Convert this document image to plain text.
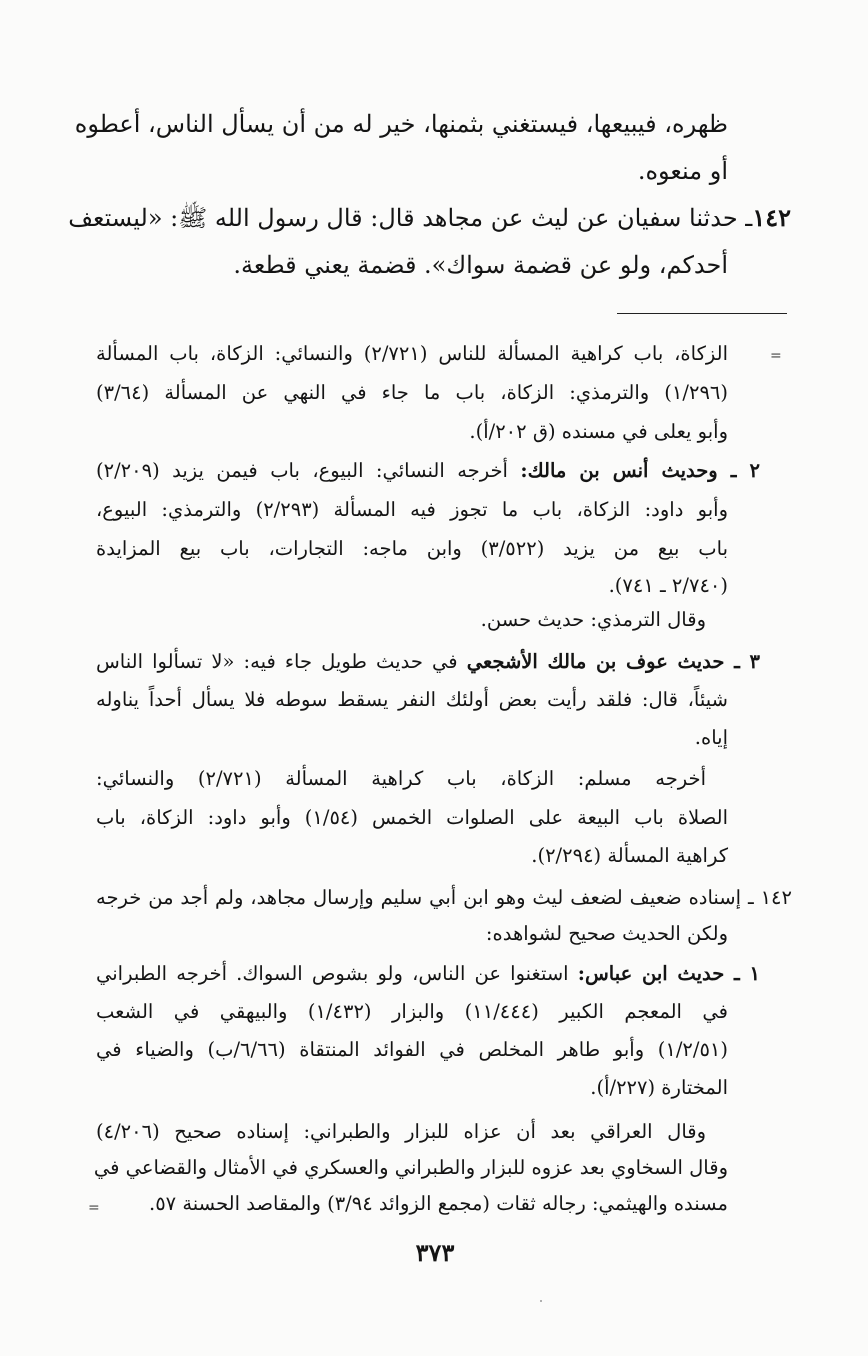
ظهره، فيبيعها، فيستغني بثمنها، خير له من أن يسأل الناس، أعطوه
أو منعوه.
١٤٢ـ حدثنا سفيان عن ليث عن مجاهد قال: قال رسول الله ﷺ: «ليستعف
أحدكم، ولو عن قضمة سواك». قضمة يعني قطعة.
=
الزكاة، باب كراهية المسألة للناس (٢/٧٢١) والنسائي: الزكاة، باب المسألة
(١/٢٩٦) والترمذي: الزكاة، باب ما جاء في النهي عن المسألة (٣/٦٤)
وأبو يعلى في مسنده (ق ٢٠٢/أ).
٢ ـ وحديث أنس بن مالك: أخرجه النسائي: البيوع، باب فيمن يزيد (٢/٢٠٩)
وأبو داود: الزكاة، باب ما تجوز فيه المسألة (٢/٢٩٣) والترمذي: البيوع،
باب بيع من يزيد (٣/٥٢٢) وابن ماجه: التجارات، باب بيع المزايدة
(٢/٧٤٠ ـ ٧٤١).
وقال الترمذي: حديث حسن.
٣ ـ حديث عوف بن مالك الأشجعي في حديث طويل جاء فيه: «لا تسألوا الناس
شيئاً، قال: فلقد رأيت بعض أولئك النفر يسقط سوطه فلا يسأل أحداً يناوله
إياه.
أخرجه مسلم: الزكاة، باب كراهية المسألة (٢/٧٢١) والنسائي:
الصلاة باب البيعة على الصلوات الخمس (١/٥٤) وأبو داود: الزكاة، باب
كراهية المسألة (٢/٢٩٤).
١٤٢ ـ إسناده ضعيف لضعف ليث وهو ابن أبي سليم وإرسال مجاهد، ولم أجد من خرجه
ولكن الحديث صحيح لشواهده:
١ ـ حديث ابن عباس: استغنوا عن الناس، ولو بشوص السواك. أخرجه الطبراني
في المعجم الكبير (١١/٤٤٤) والبزار (١/٤٣٢) والبيهقي في الشعب
(١/٢/٥١) وأبو طاهر المخلص في الفوائد المنتقاة (٦/٦٦/ب) والضياء في
المختارة (٢٢٧/أ).
وقال العراقي بعد أن عزاه للبزار والطبراني: إسناده صحيح (٤/٢٠٦)
وقال السخاوي بعد عزوه للبزار والطبراني والعسكري في الأمثال والقضاعي في
مسنده والهيثمي: رجاله ثقات (مجمع الزوائد ٣/٩٤) والمقاصد الحسنة ٥٧.
=
٣٧٣
